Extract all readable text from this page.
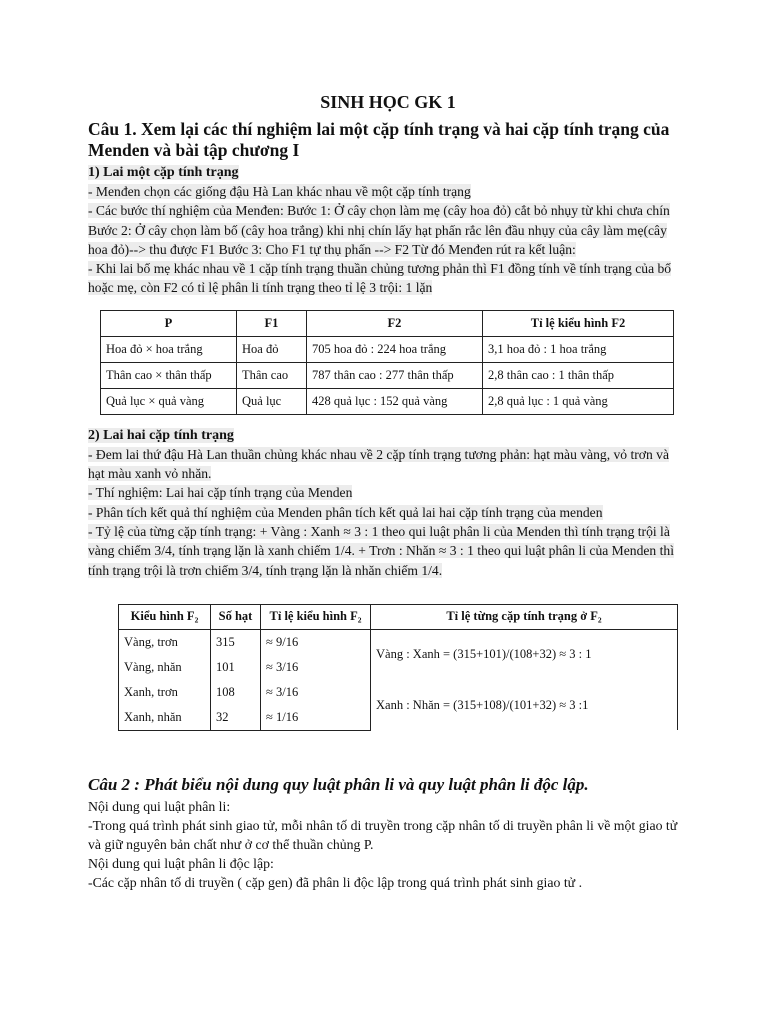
SINH HỌC GK 1
Câu 1. Xem lại các thí nghiệm lai một cặp tính trạng và hai cặp tính trạng của Menden và bài tập chương I
1) Lai một cặp tính trạng

- Menđen chọn các giống đậu Hà Lan khác nhau về một cặp tính trạng

- Các bước thí nghiệm của Menđen: Bước 1: Ở cây chọn làm mẹ (cây hoa đỏ) cắt bỏ nhụy từ khi chưa chín Bước 2: Ở cây chọn làm bố (cây hoa trắng) khi nhị chín lấy hạt phấn rắc lên đầu nhụy của cây làm mẹ(cây hoa đỏ)--> thu được F1 Bước 3: Cho F1 tự thụ phấn --> F2 Từ đó Menđen rút ra kết luận:

- Khi lai bố mẹ khác nhau về 1 cặp tính trạng thuần chủng tương phản thì F1 đồng tính về tính trạng của bố hoặc mẹ, còn F2 có tỉ lệ phân li tính trạng theo tỉ lệ 3 trội: 1 lặn

P	F1	F2	Tỉ lệ kiểu hình F2
Hoa đỏ × hoa trắng	Hoa đỏ	705 hoa đỏ : 224 hoa trắng	3,1 hoa đỏ : 1 hoa trắng
Thân cao × thân thấp	Thân cao	787 thân cao : 277 thân thấp	2,8 thân cao : 1 thân thấp
Quả lục × quả vàng	Quả lục	428 quả lục : 152 quả vàng	2,8 quả lục : 1 quả vàng
2) Lai hai cặp tính trạng

- Đem lai thứ đậu Hà Lan thuần chủng khác nhau về 2 cặp tính trạng tương phản: hạt màu vàng, vỏ trơn và hạt màu xanh vỏ nhăn.

- Thí nghiệm: Lai hai cặp tính trạng của Menden

- Phân tích kết quả thí nghiệm của Menden phân tích kết quả lai hai cặp tính trạng của menden

- Tỷ lệ của từng cặp tính trạng: + Vàng : Xanh ≈ 3 : 1 theo qui luật phân li của Menden thì tính trạng trội là vàng chiếm 3/4, tính trạng lặn là xanh chiếm 1/4. + Trơn : Nhăn ≈ 3 : 1 theo qui luật phân li của Menden thì tính trạng trội là trơn chiếm 3/4, tính trạng lặn là nhăn chiếm 1/4.

Kiểu hình F₂	Số hạt	Tỉ lệ kiểu hình F₂	Tỉ lệ từng cặp tính trạng ở F₂
Vàng, trơn	315	≈ 9/16	Vàng : Xanh = (315+101)/(108+32) ≈ 3 : 1
Vàng, nhăn	101	≈ 3/16	
Xanh, trơn	108	≈ 3/16	Xanh : Nhăn = (315+108)/(101+32) ≈ 3 :1
Xanh, nhăn	32	≈ 1/16	
Câu 2 : Phát biểu nội dung quy luật phân li và quy luật phân li độc lập.

Nội dung qui luật phân li:

-Trong quá trình phát sinh giao tử, mỗi nhân tố di truyền trong cặp nhân tố di truyền phân li về một giao tử và giữ nguyên bản chất như ở cơ thể thuần chủng P.

Nội dung qui luật phân li độc lập:

-Các cặp nhân tố di truyền ( cặp gen) đã phân li độc lập trong quá trình phát sinh giao tử .
